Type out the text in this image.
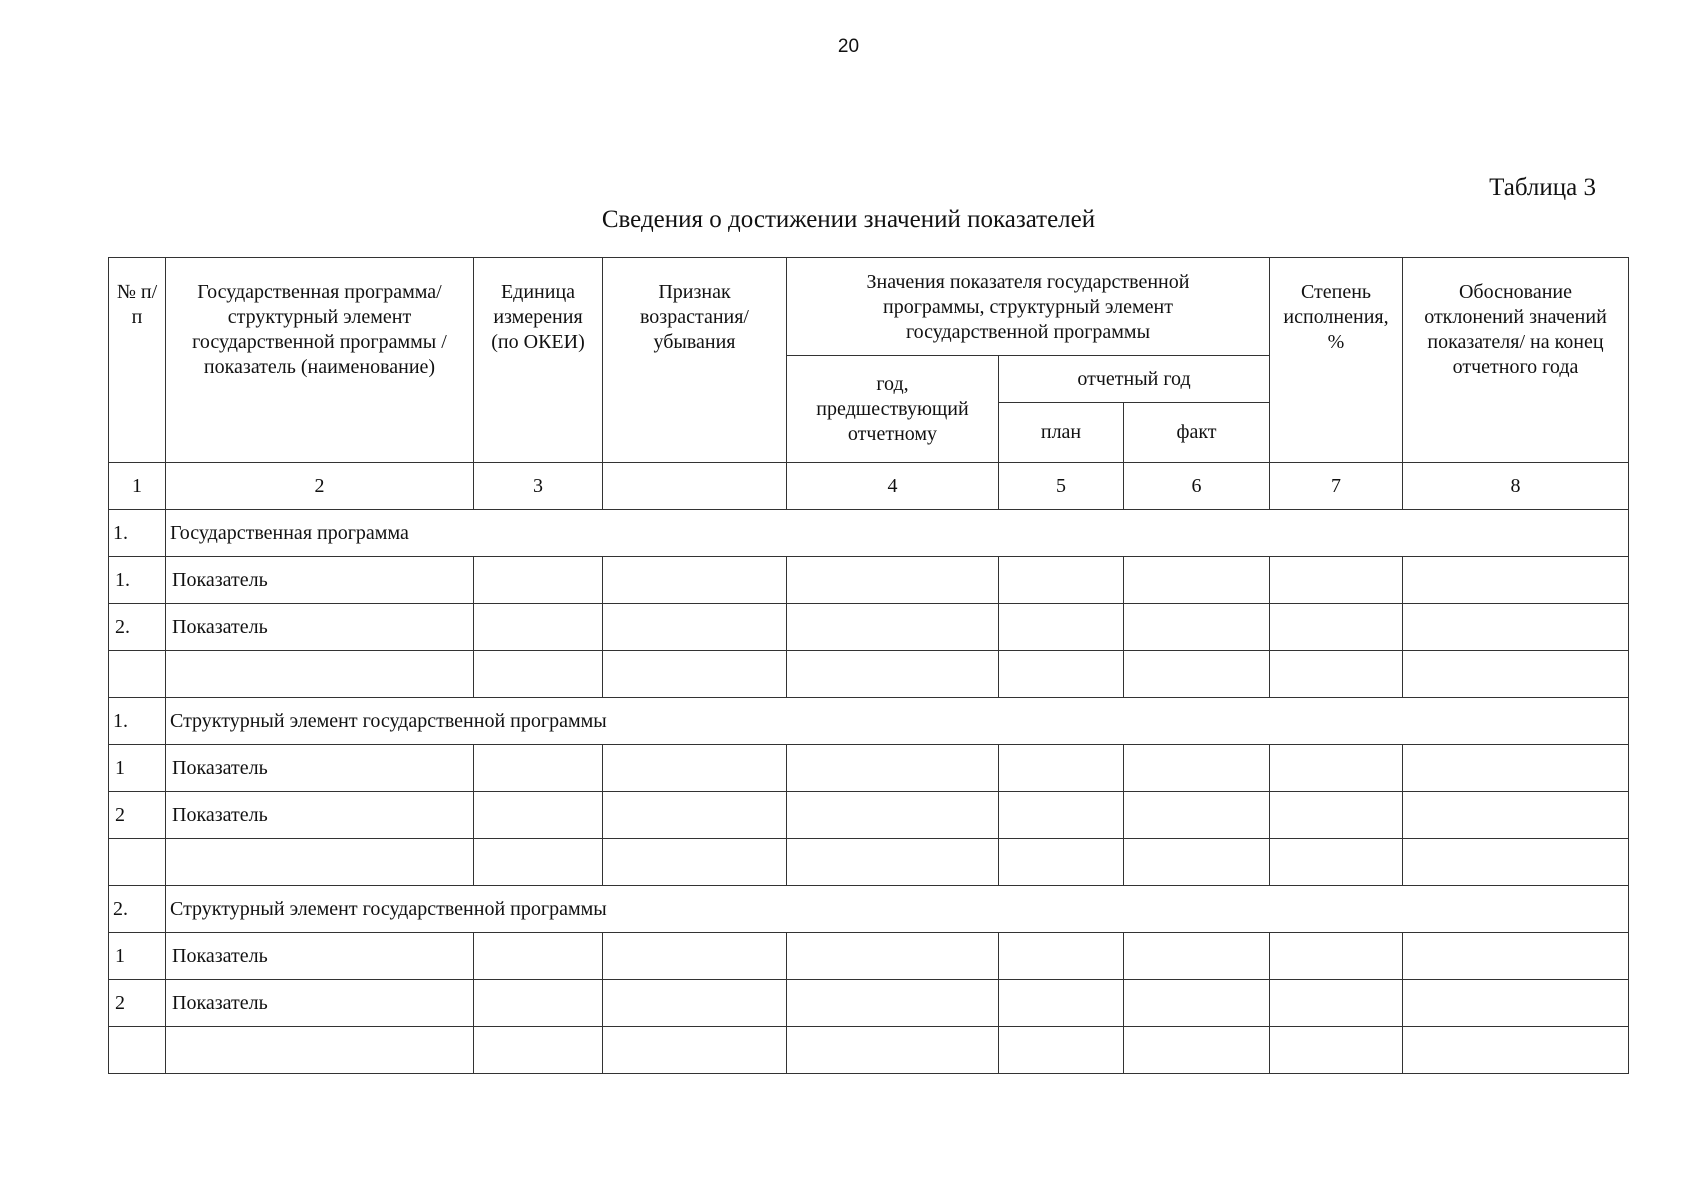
20
Таблица 3
Сведения о достижении значений показателей
№ п/п	Государственная программа/ структурный элемент государственной программы /показатель (наименование)	Единица измерения (по ОКЕИ)	Признак возрастания/ убывания	Значения показателя государственной программы, структурный элемент государственной программы			Степень исполнения, %	Обоснование отклонений значений показателя/ на конец отчетного года
				год, предшествующий отчетному	отчетный год			
					план	факт		
1	2	3		4	5	6	7	8
1.	Государственная программа							
1.	Показатель							
2.	Показатель							

1.	Структурный элемент государственной программы							
1	Показатель							
2	Показатель							

2.	Структурный элемент государственной программы							
1	Показатель							
2	Показатель							
